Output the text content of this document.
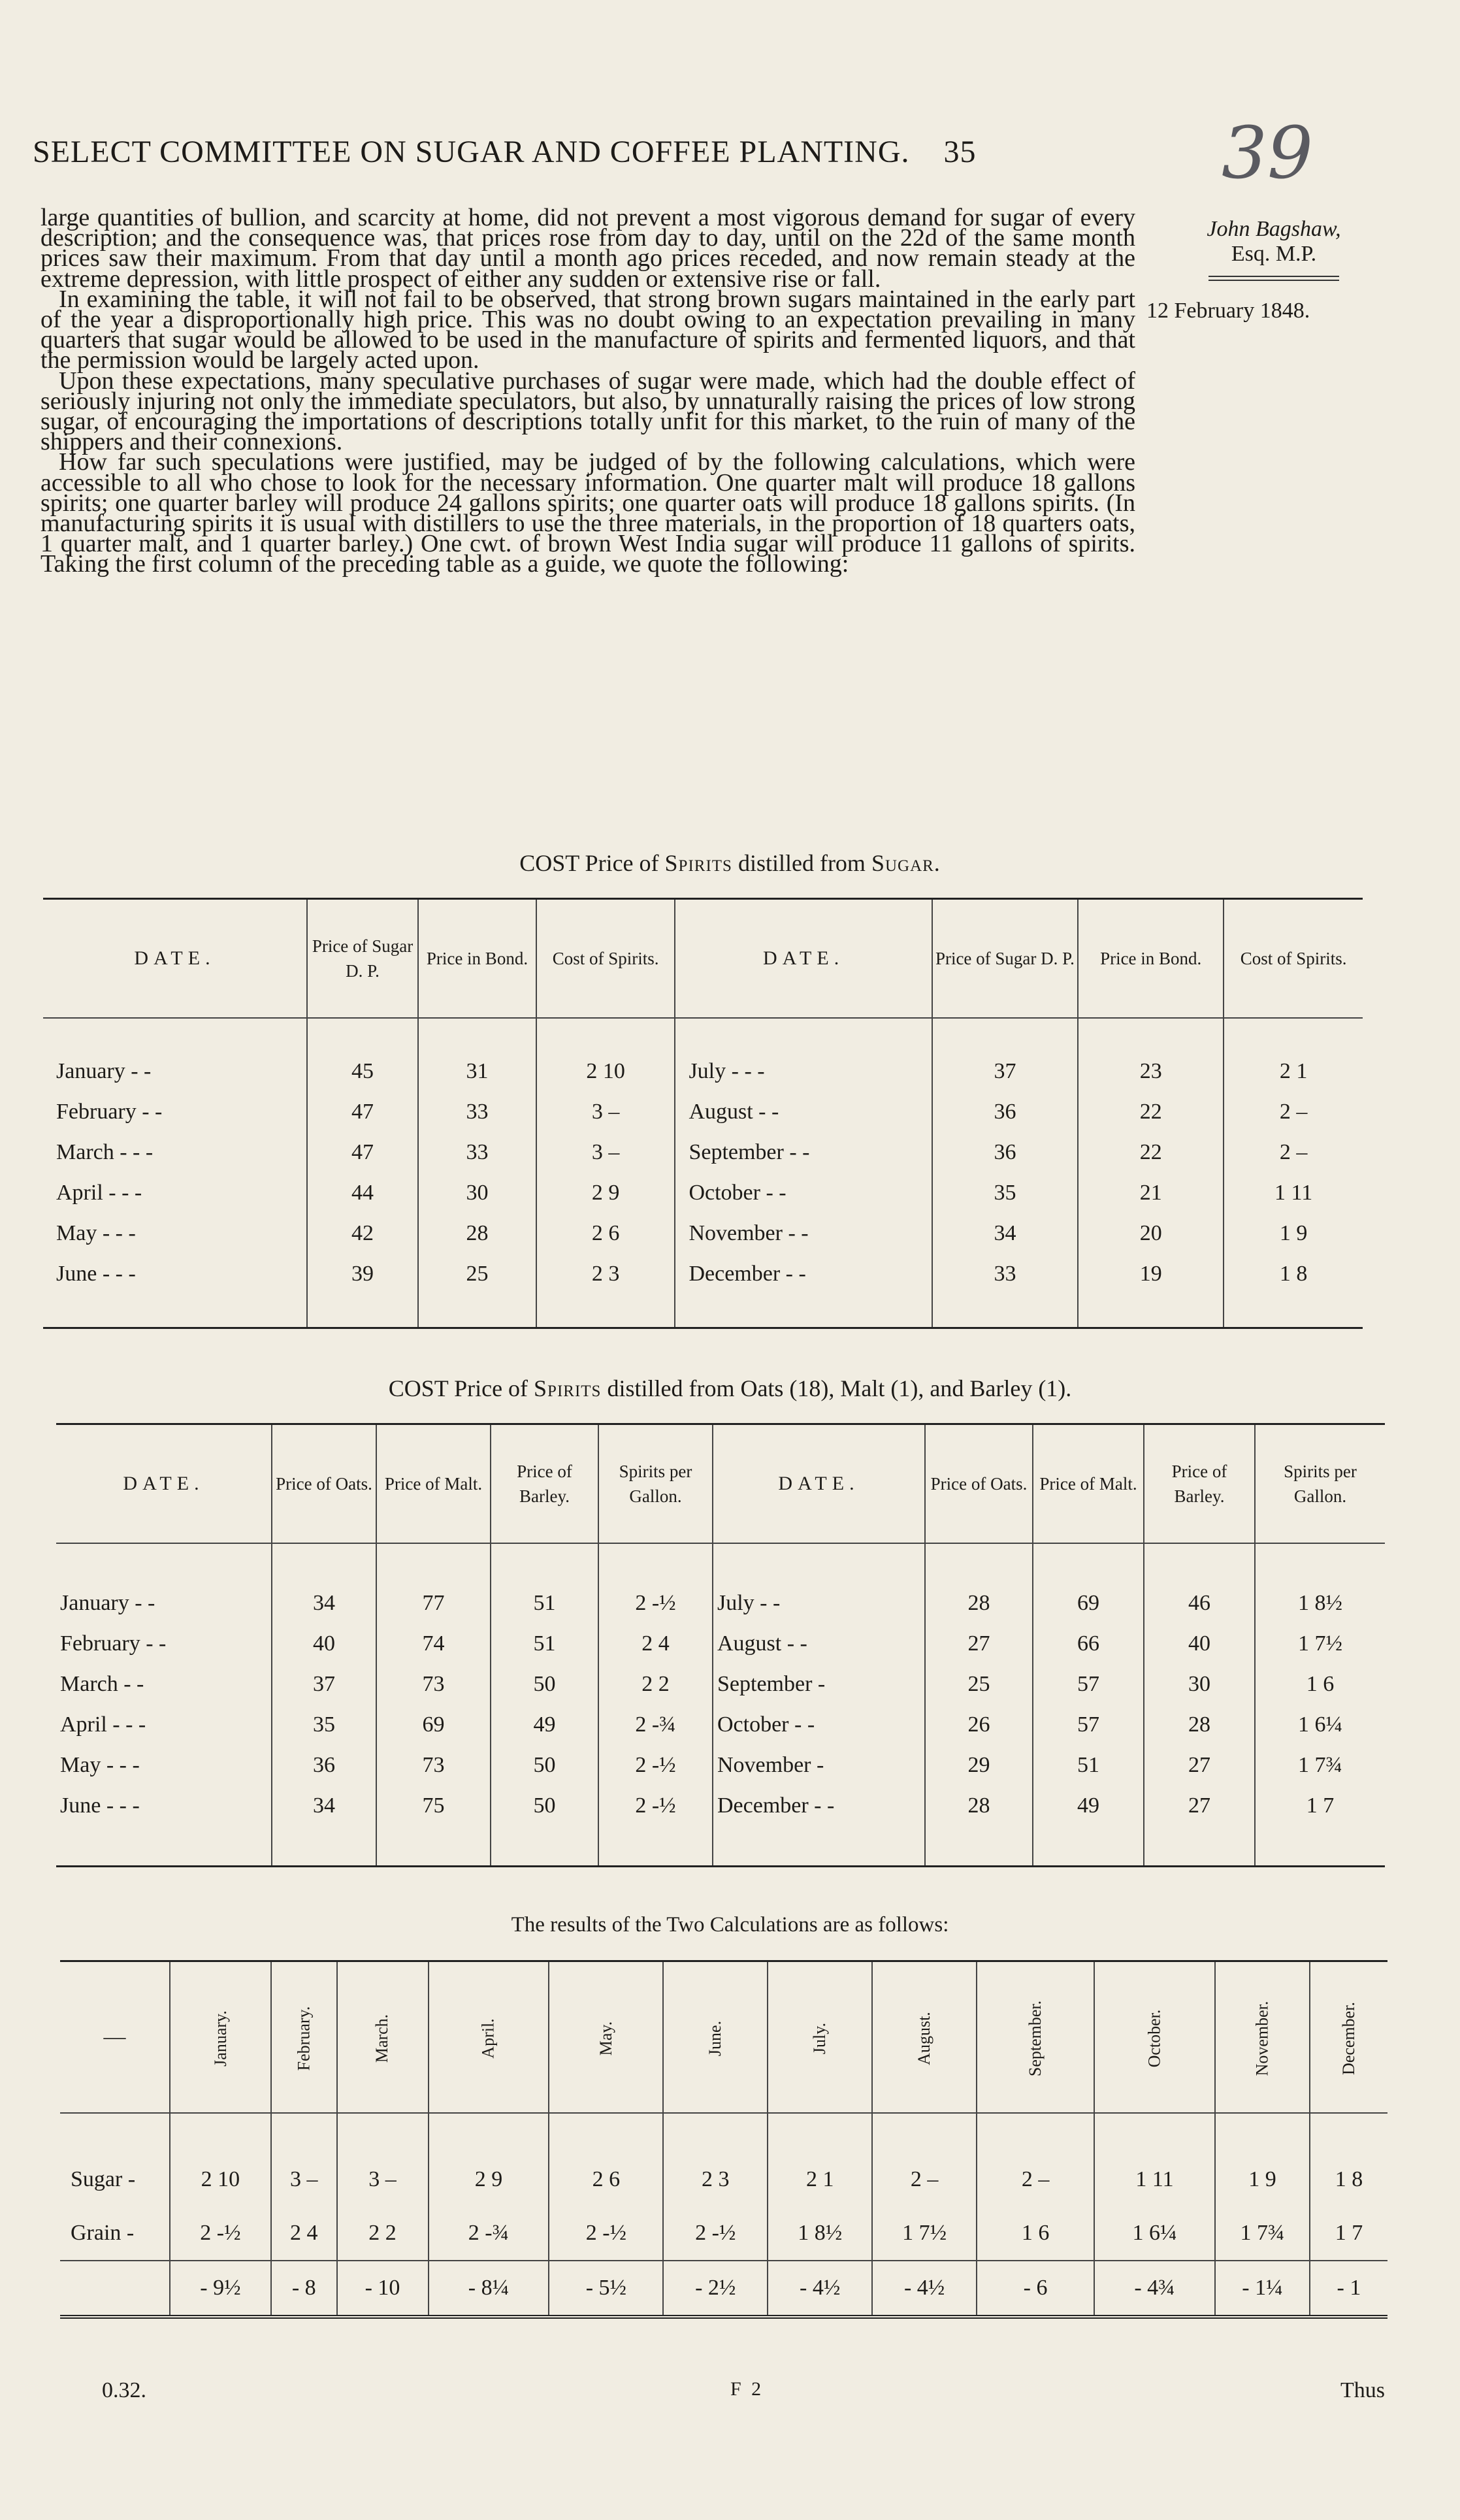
SELECT COMMITTEE ON SUGAR AND COFFEE PLANTING. 35	39
John Bagshaw,
Esq. M.P.
12 February 1848.

large quantities of bullion, and scarcity at home, did not prevent a most vigorous demand for sugar of every description; and the consequence was, that prices rose from day to day, until on the 22d of the same month prices saw their maximum. From that day until a month ago prices receded, and now remain steady at the extreme depression, with little prospect of either any sudden or extensive rise or fall.

In examining the table, it will not fail to be observed, that strong brown sugars maintained in the early part of the year a disproportionally high price. This was no doubt owing to an expectation prevailing in many quarters that sugar would be allowed to be used in the manufacture of spirits and fermented liquors, and that the permission would be largely acted upon.

Upon these expectations, many speculative purchases of sugar were made, which had the double effect of seriously injuring not only the immediate speculators, but also, by unnaturally raising the prices of low strong sugar, of encouraging the importations of descriptions totally unfit for this market, to the ruin of many of the shippers and their connexions.

How far such speculations were justified, may be judged of by the following calculations, which were accessible to all who chose to look for the necessary information. One quarter malt will produce 18 gallons spirits; one quarter barley will produce 24 gallons spirits; one quarter oats will produce 18 gallons spirits. (In manufacturing spirits it is usual with distillers to use the three materials, in the proportion of 18 quarters oats, 1 quarter malt, and 1 quarter barley.) One cwt. of brown West India sugar will produce 11 gallons of spirits. Taking the first column of the preceding table as a guide, we quote the following:

COST Price of Spirits distilled from Sugar.
DATE.	Price of Sugar D. P.	Price in Bond.	Cost of Spirits.	DATE.	Price of Sugar D. P.	Price in Bond.	Cost of Spirits.
January - -	45	31	2 10	July - - -	37	23	2 1
February - -	47	33	3 –	August - -	36	22	2 –
March - - -	47	33	3 –	September - -	36	22	2 –
April - - -	44	30	2 9	October - -	35	21	1 11
May - - -	42	28	2 6	November - -	34	20	1 9
June - - -	39	25	2 3	December - -	33	19	1 8
COST Price of Spirits distilled from Oats (18), Malt (1), and Barley (1).
DATE.	Price of Oats.	Price of Malt.	Price of Barley.	Spirits per Gallon.	DATE.	Price of Oats.	Price of Malt.	Price of Barley.	Spirits per Gallon.
January - -	34	77	51	2 -½	July - -	28	69	46	1 8½
February - -	40	74	51	2 4	August - -	27	66	40	1 7½
March - -	37	73	50	2 2	September -	25	57	30	1 6
April - - -	35	69	49	2 -¾	October - -	26	57	28	1 6¼
May - - -	36	73	50	2 -½	November -	29	51	27	1 7¾
June - - -	34	75	50	2 -½	December - -	28	49	27	1 7
The results of the Two Calculations are as follows:
—	January.	February.	March.	April.	May.	June.	July.	August.	September.	October.	November.	December.
Sugar -	2 10	3 –	3 –	2 9	2 6	2 3	2 1	2 –	2 –	1 11	1 9	1 8
Grain -	2 -½	2 4	2 2	2 -¾	2 -½	2 -½	1 8½	1 7½	1 6	1 6¼	1 7¾	1 7
	- 9½	- 8	- 10	- 8¼	- 5½	- 2½	- 4½	- 4½	- 6	- 4¾	- 1¼	- 1
0.32.	F 2	Thus
